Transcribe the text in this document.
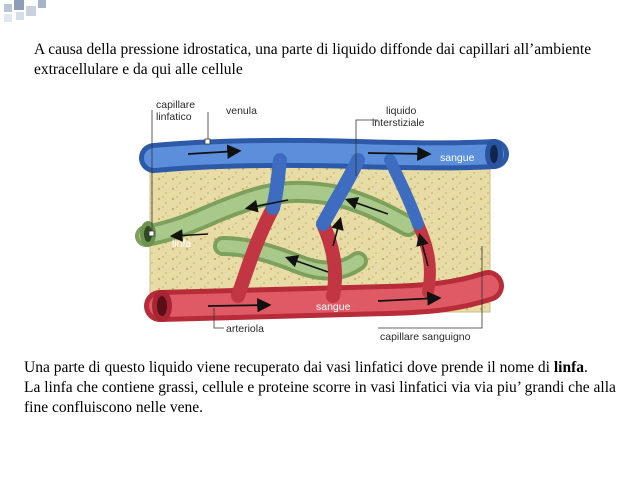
A causa della pressione idrostatica, una parte di liquido diffonde dai capillari all’ambiente extracellulare e da qui alle cellule
capillare
linfatico	venula	liquido
interstiziale
sangue
linfa
sangue
arteriola
capillare sanguigno

Una parte di questo liquido viene recuperato dai vasi linfatici dove prende il nome di linfa.

La linfa che contiene grassi, cellule e proteine scorre in vasi linfatici via via piu’ grandi che alla fine confluiscono nelle vene.
